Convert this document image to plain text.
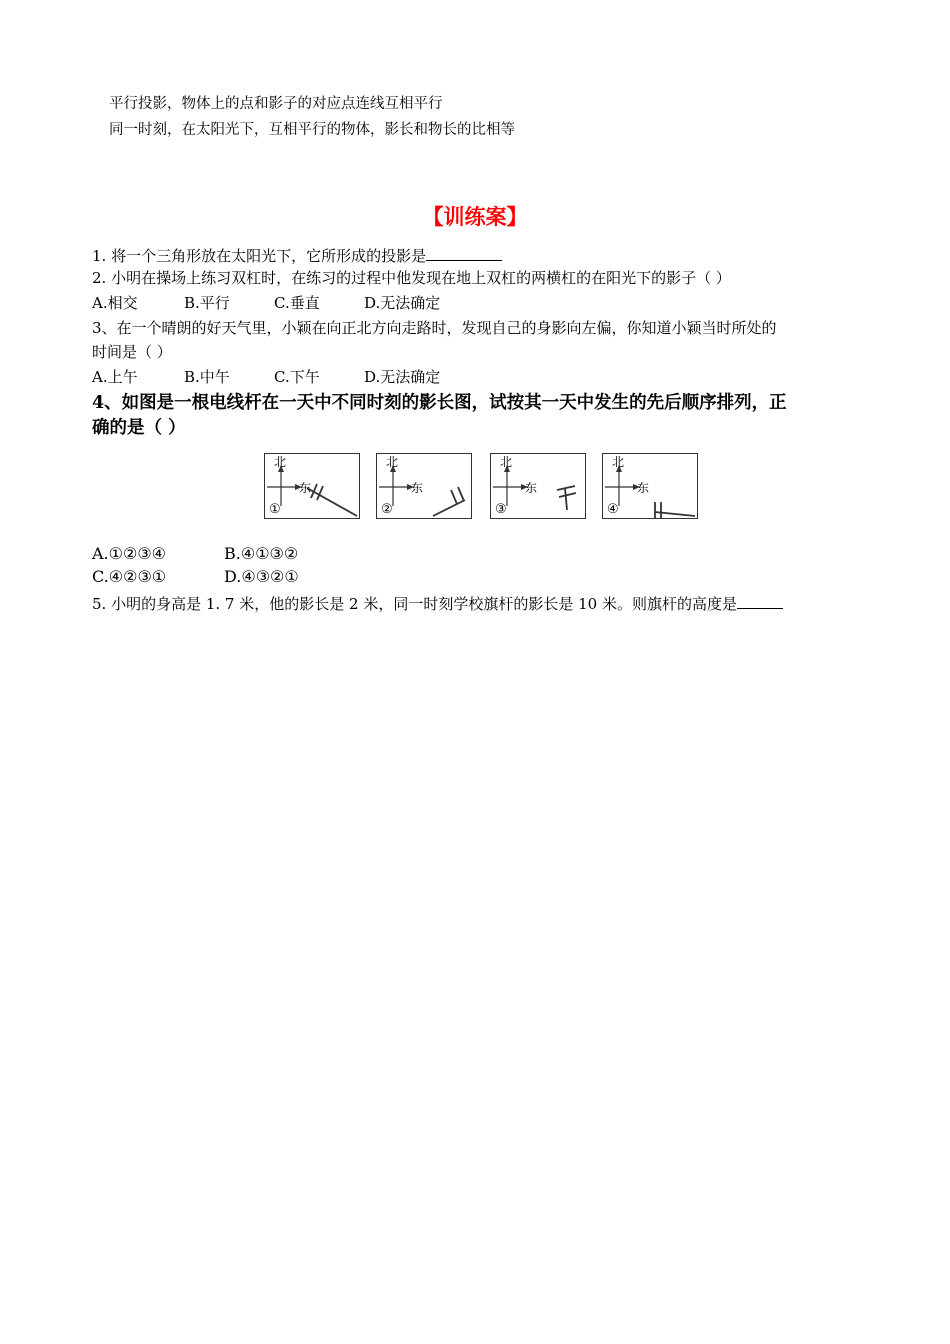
平行投影，物体上的点和影子的对应点连线互相平行
同一时刻，在太阳光下，互相平行的物体，影长和物长的比相等
【训练案】
1. 将一个三角形放在太阳光下，它所形成的投影是
2. 小明在操场上练习双杠时，在练习的过程中他发现在地上双杠的两横杠的在阳光下的影子（ ）
A.相交	B.平行	C.垂直	D.无法确定
3、在一个晴朗的好天气里，小颖在向正北方向走路时，发现自己的身影向左偏，你知道小颖当时所处的
时间是（ ）
A.上午	B.中午	C.下午	D.无法确定
4、如图是一根电线杆在一天中不同时刻的影长图，试按其一天中发生的先后顺序排列，正
确的是（ ）
北
东
①
北
东
②
北
东
③
北
东
④
A.①②③④	B.④①③②
C.④②③①	D.④③②①
5. 小明的身高是 1. 7 米，他的影长是 2 米，同一时刻学校旗杆的影长是 10 米。则旗杆的高度是
